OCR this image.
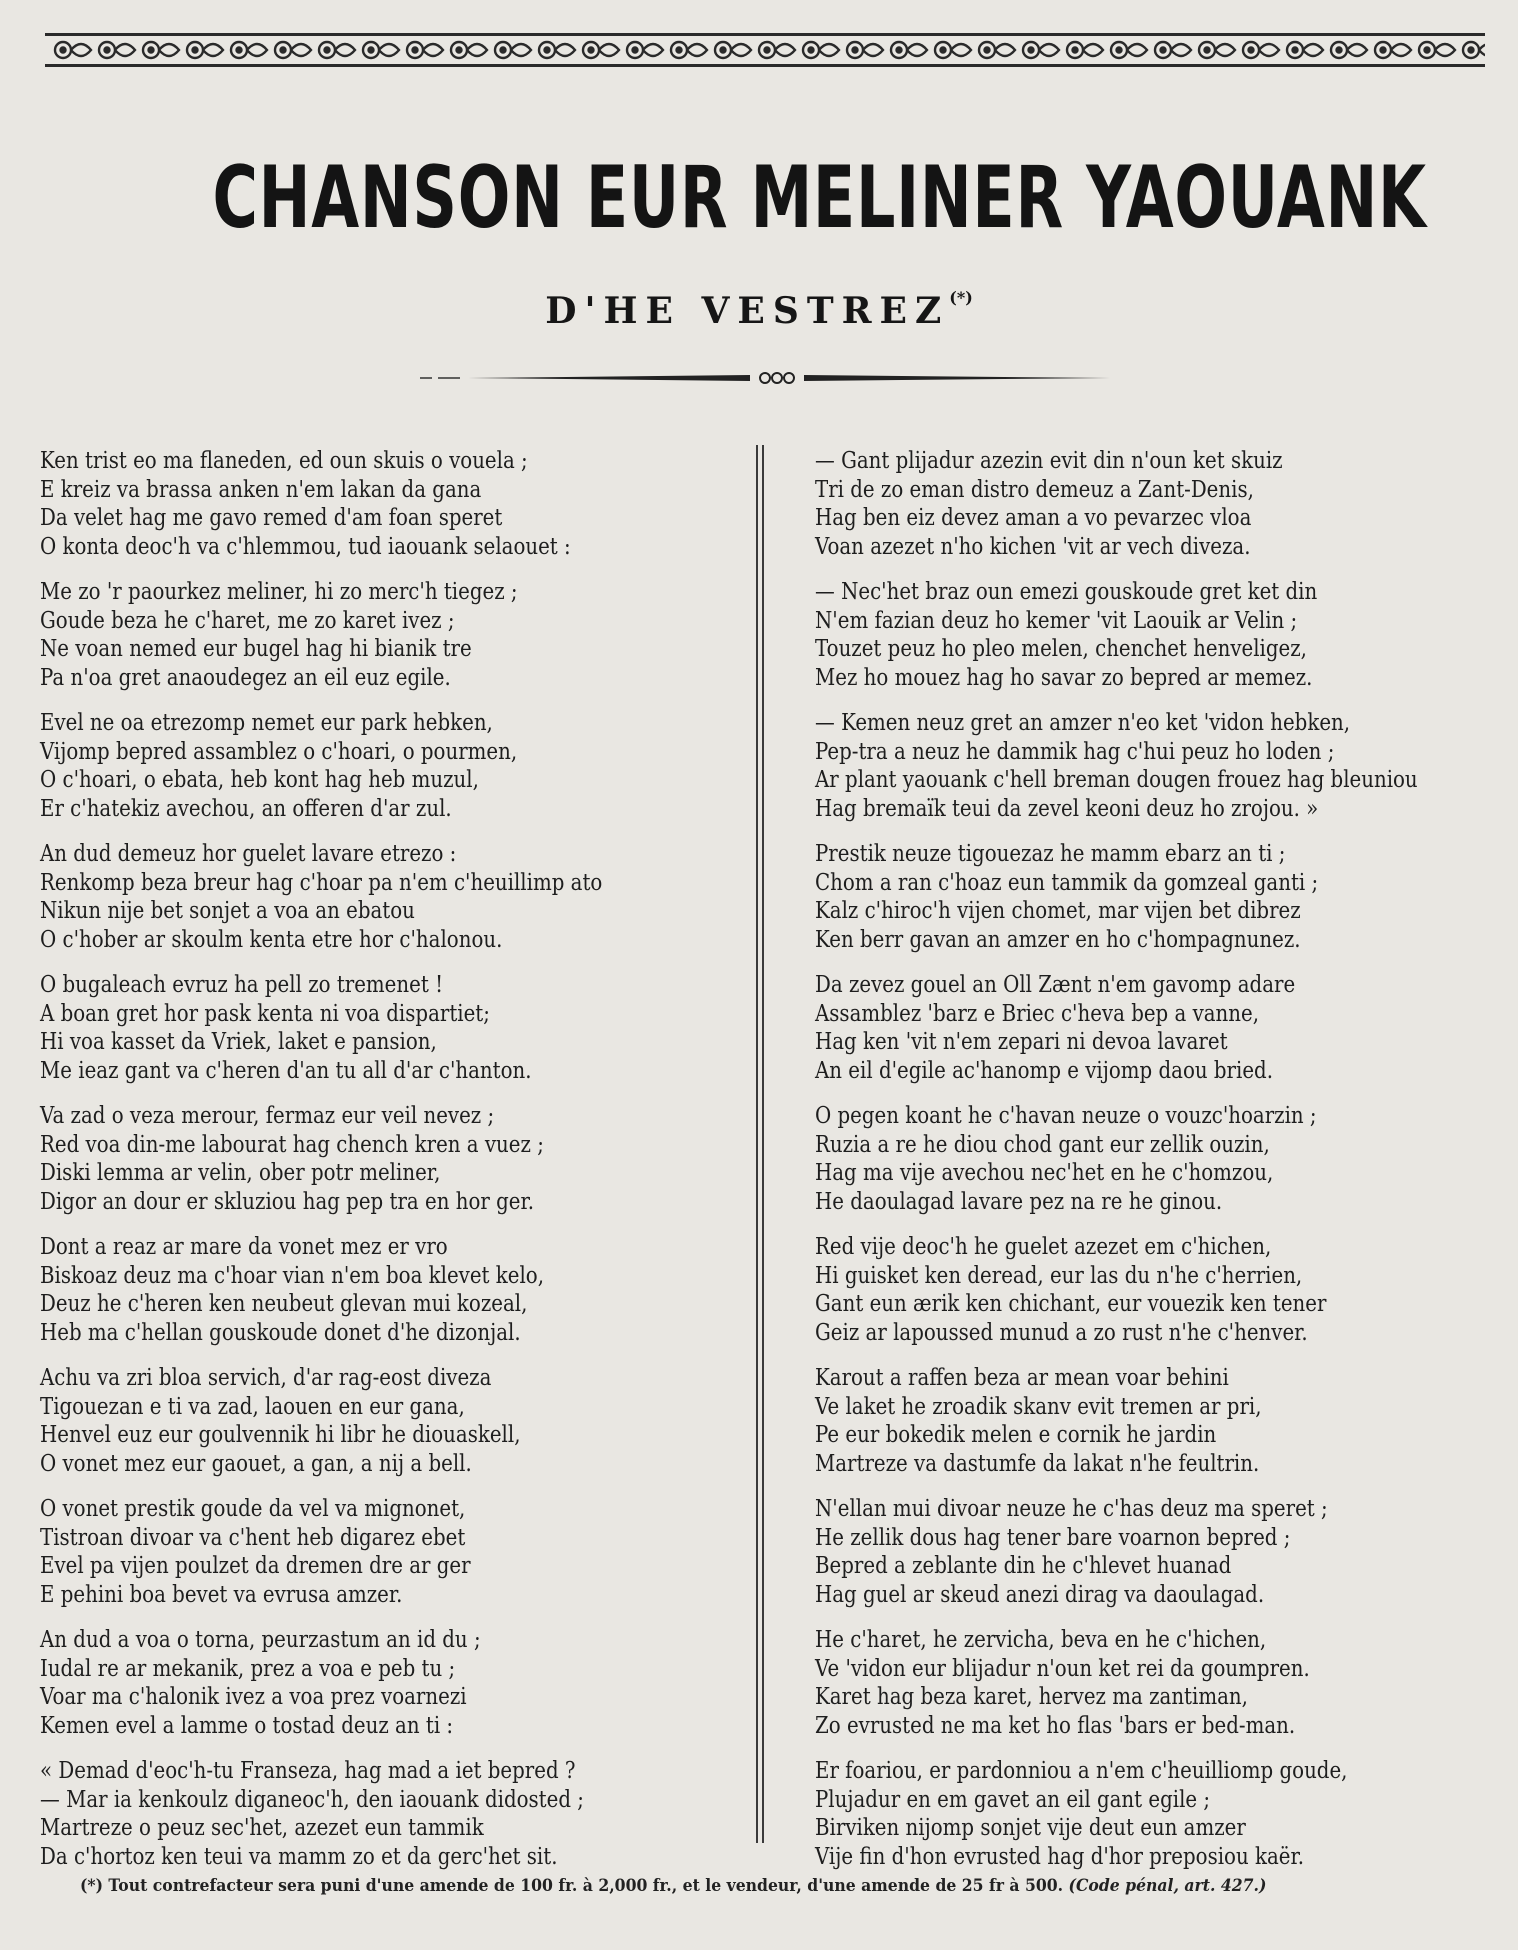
CHANSON EUR MELINER YAOUANK
D'HE VESTREZ(*)
Ken trist eo ma flaneden, ed oun skuis o vouela ;
E kreiz va brassa anken n'em lakan da gana
Da velet hag me gavo remed d'am foan speret
O konta deoc'h va c'hlemmou, tud iaouank selaouet :
Me zo 'r paourkez meliner, hi zo merc'h tiegez ;
Goude beza he c'haret, me zo karet ivez ;
Ne voan nemed eur bugel hag hi bianik tre
Pa n'oa gret anaoudegez an eil euz egile.
Evel ne oa etrezomp nemet eur park hebken,
Vijomp bepred assamblez o c'hoari, o pourmen,
O c'hoari, o ebata, heb kont hag heb muzul,
Er c'hatekiz avechou, an offeren d'ar zul.
An dud demeuz hor guelet lavare etrezo :
Renkomp beza breur hag c'hoar pa n'em c'heuillimp ato
Nikun nije bet sonjet a voa an ebatou
O c'hober ar skoulm kenta etre hor c'halonou.
O bugaleach evruz ha pell zo tremenet !
A boan gret hor pask kenta ni voa dispartiet;
Hi voa kasset da Vriek, laket e pansion,
Me ieaz gant va c'heren d'an tu all d'ar c'hanton.
Va zad o veza merour, fermaz eur veil nevez ;
Red voa din-me labourat hag chench kren a vuez ;
Diski lemma ar velin, ober potr meliner,
Digor an dour er skluziou hag pep tra en hor ger.
Dont a reaz ar mare da vonet mez er vro
Biskoaz deuz ma c'hoar vian n'em boa klevet kelo,
Deuz he c'heren ken neubeut glevan mui kozeal,
Heb ma c'hellan gouskoude donet d'he dizonjal.
Achu va zri bloa servich, d'ar rag-eost diveza
Tigouezan e ti va zad, laouen en eur gana,
Henvel euz eur goulvennik hi libr he diouaskell,
O vonet mez eur gaouet, a gan, a nij a bell.
O vonet prestik goude da vel va mignonet,
Tistroan divoar va c'hent heb digarez ebet
Evel pa vijen poulzet da dremen dre ar ger
E pehini boa bevet va evrusa amzer.
An dud a voa o torna, peurzastum an id du ;
Iudal re ar mekanik, prez a voa e peb tu ;
Voar ma c'halonik ivez a voa prez voarnezi
Kemen evel a lamme o tostad deuz an ti :
« Demad d'eoc'h-tu Franseza, hag mad a iet bepred ?
— Mar ia kenkoulz diganeoc'h, den iaouank didosted ;
Martreze o peuz sec'het, azezet eun tammik
Da c'hortoz ken teui va mamm zo et da gerc'het sit.
— Gant plijadur azezin evit din n'oun ket skuiz
Tri de zo eman distro demeuz a Zant-Denis,
Hag ben eiz devez aman a vo pevarzec vloa
Voan azezet n'ho kichen 'vit ar vech diveza.
— Nec'het braz oun emezi gouskoude gret ket din
N'em fazian deuz ho kemer 'vit Laouik ar Velin ;
Touzet peuz ho pleo melen, chenchet henveligez,
Mez ho mouez hag ho savar zo bepred ar memez.
— Kemen neuz gret an amzer n'eo ket 'vidon hebken,
Pep-tra a neuz he dammik hag c'hui peuz ho loden ;
Ar plant yaouank c'hell breman dougen frouez hag bleuniou
Hag bremaïk teui da zevel keoni deuz ho zrojou. »
Prestik neuze tigouezaz he mamm ebarz an ti ;
Chom a ran c'hoaz eun tammik da gomzeal ganti ;
Kalz c'hiroc'h vijen chomet, mar vijen bet dibrez
Ken berr gavan an amzer en ho c'hompagnunez.
Da zevez gouel an Oll Zænt n'em gavomp adare
Assamblez 'barz e Briec c'heva bep a vanne,
Hag ken 'vit n'em zepari ni devoa lavaret
An eil d'egile ac'hanomp e vijomp daou bried.
O pegen koant he c'havan neuze o vouzc'hoarzin ;
Ruzia a re he diou chod gant eur zellik ouzin,
Hag ma vije avechou nec'het en he c'homzou,
He daoulagad lavare pez na re he ginou.
Red vije deoc'h he guelet azezet em c'hichen,
Hi guisket ken deread, eur las du n'he c'herrien,
Gant eun ærik ken chichant, eur vouezik ken tener
Geiz ar lapoussed munud a zo rust n'he c'henver.
Karout a raffen beza ar mean voar behini
Ve laket he zroadik skanv evit tremen ar pri,
Pe eur bokedik melen e cornik he jardin
Martreze va dastumfe da lakat n'he feultrin.
N'ellan mui divoar neuze he c'has deuz ma speret ;
He zellik dous hag tener bare voarnon bepred ;
Bepred a zeblante din he c'hlevet huanad
Hag guel ar skeud anezi dirag va daoulagad.
He c'haret, he zervicha, beva en he c'hichen,
Ve 'vidon eur blijadur n'oun ket rei da goumpren.
Karet hag beza karet, hervez ma zantiman,
Zo evrusted ne ma ket ho flas 'bars er bed-man.
Er foariou, er pardonniou a n'em c'heuilliomp goude,
Plujadur en em gavet an eil gant egile ;
Birviken nijomp sonjet vije deut eun amzer
Vije fin d'hon evrusted hag d'hor preposiou kaër.
(*) Tout contrefacteur sera puni d'une amende de 100 fr. à 2,000 fr., et le vendeur, d'une amende de 25 fr à 500. (Code pénal, art. 427.)
